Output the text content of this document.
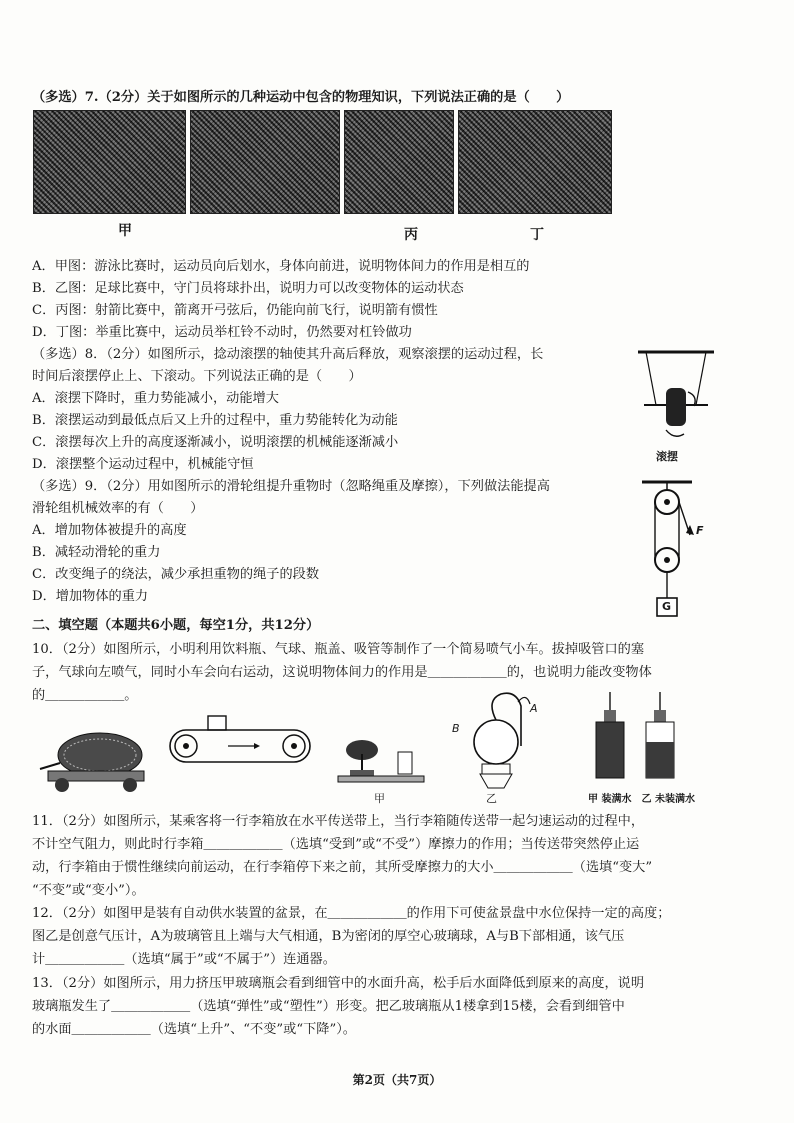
（多选）7.（2分）关于如图所示的几种运动中包含的物理知识，下列说法正确的是（　　）
甲	丙	丁
A．甲图：游泳比赛时，运动员向后划水，身体向前进，说明物体间力的作用是相互的
B．乙图：足球比赛中，守门员将球扑出，说明力可以改变物体的运动状态
C．丙图：射箭比赛中，箭离开弓弦后，仍能向前飞行，说明箭有惯性
D．丁图：举重比赛中，运动员举杠铃不动时，仍然要对杠铃做功
（多选）8．（2分）如图所示，捻动滚摆的轴使其升高后释放，观察滚摆的运动过程，长
时间后滚摆停止上、下滚动。下列说法正确的是（　　）
A．滚摆下降时，重力势能减小，动能增大
B．滚摆运动到最低点后又上升的过程中，重力势能转化为动能
C．滚摆每次上升的高度逐渐减小，说明滚摆的机械能逐渐减小
D．滚摆整个运动过程中，机械能守恒
滚摆
（多选）9．（2分）用如图所示的滑轮组提升重物时（忽略绳重及摩擦），下列做法能提高
滑轮组机械效率的有（　　）
A．增加物体被提升的高度
B．减轻动滑轮的重力
C．改变绳子的绕法，减少承担重物的绳子的段数
D．增加物体的重力
F
G
二、填空题（本题共6小题，每空1分，共12分）
10．（2分）如图所示，小明利用饮料瓶、气球、瓶盖、吸管等制作了一个简易喷气小车。拔掉吸管口的塞
子，气球向左喷气，同时小车会向右运动，这说明物体间力的作用是＿＿＿＿＿＿的，也说明力能改变物体
的＿＿＿＿＿＿。
甲
B
A
乙	甲 装满水　乙 未装满水
11．（2分）如图所示，某乘客将一行李箱放在水平传送带上，当行李箱随传送带一起匀速运动的过程中，
不计空气阻力，则此时行李箱＿＿＿＿＿＿（选填“受到”或“不受”）摩擦力的作用；当传送带突然停止运
动，行李箱由于惯性继续向前运动，在行李箱停下来之前，其所受摩擦力的大小＿＿＿＿＿＿（选填“变大”
“不变”或“变小”）。
12．（2分）如图甲是装有自动供水装置的盆景，在＿＿＿＿＿＿的作用下可使盆景盘中水位保持一定的高度；
图乙是创意气压计，A为玻璃管且上端与大气相通，B为密闭的厚空心玻璃球，A与B下部相通，该气压
计＿＿＿＿＿＿（选填“属于”或“不属于”）连通器。
13．（2分）如图所示，用力挤压甲玻璃瓶会看到细管中的水面升高，松手后水面降低到原来的高度，说明
玻璃瓶发生了＿＿＿＿＿＿（选填“弹性”或“塑性”）形变。把乙玻璃瓶从1楼拿到15楼，会看到细管中
的水面＿＿＿＿＿＿（选填“上升”、“不变”或“下降”）。
第2页（共7页）
